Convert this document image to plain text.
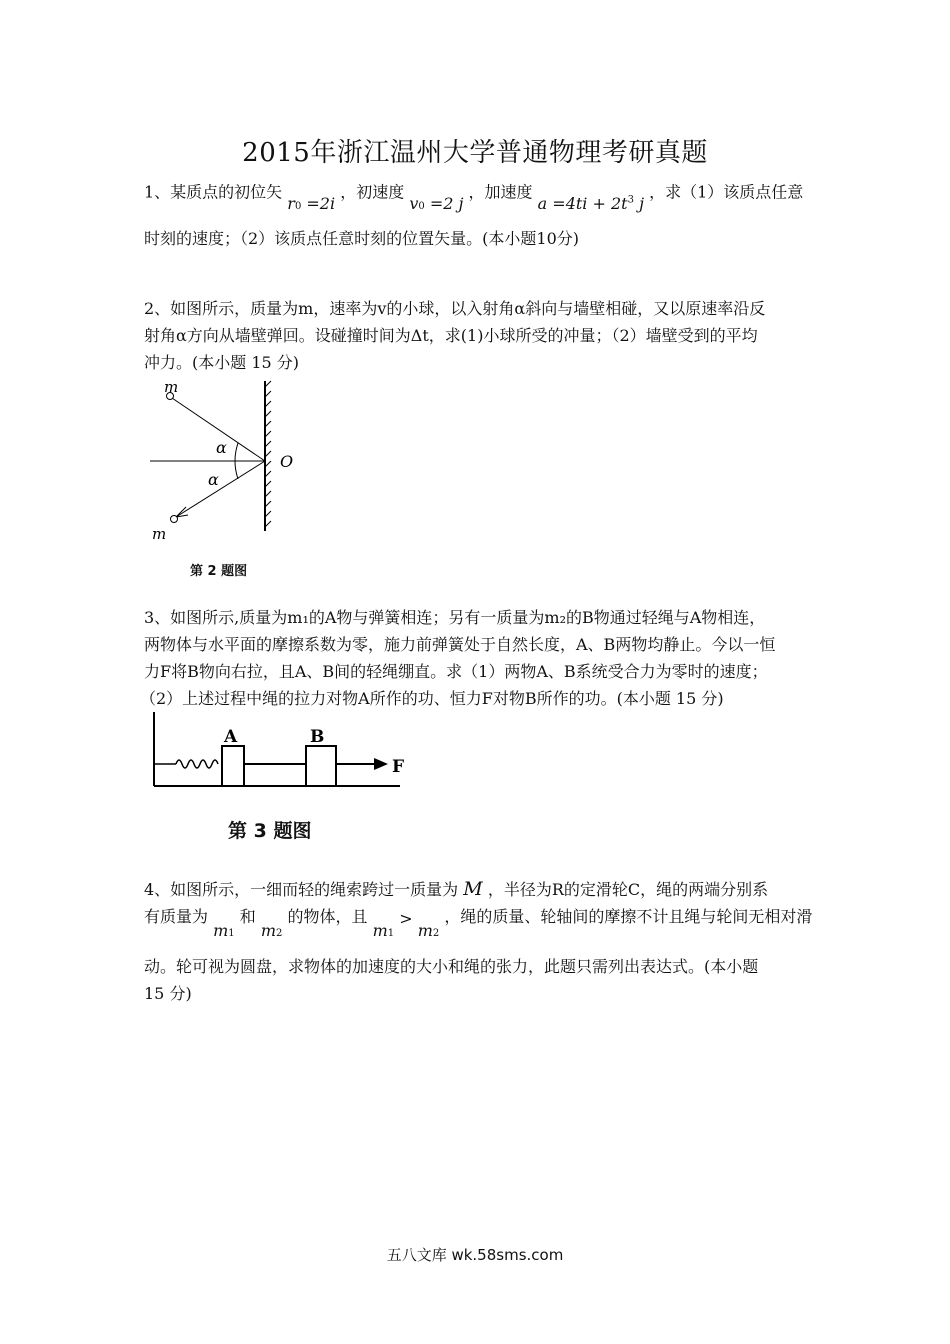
2015年浙江温州大学普通物理考研真题
1、某质点的初位矢 r0 =2i ，初速度 v0 =2 j ，加速度 $a =4ti + 2t^3$ j ，求（1）该质点任意
时刻的速度；（2）该质点任意时刻的位置矢量。(本小题10分)
2、如图所示，质量为m，速率为v的小球，以入射角α斜向与墙壁相碰，又以原速率沿反
射角α方向从墙壁弹回。设碰撞时间为Δt，求(1)小球所受的冲量；（2）墙壁受到的平均
冲力。(本小题 15 分)
m
m
α
α
O
第 2 题图
3、如图所示,质量为m₁的A物与弹簧相连；另有一质量为m₂的B物通过轻绳与A物相连，
两物体与水平面的摩擦系数为零，施力前弹簧处于自然长度，A、B两物均静止。今以一恒
力F将B物向右拉，且A、B间的轻绳绷直。求（1）两物A、B系统受合力为零时的速度；
（2）上述过程中绳的拉力对物A所作的功、恒力F对物B所作的功。(本小题 15 分)
A	B
F
第 3 题图
4、如图所示，一细而轻的绳索跨过一质量为 M ，半径为R的定滑轮C，绳的两端分别系
有质量为 m1 和 m2 的物体，且 m1 > m2 ，绳的质量、轮轴间的摩擦不计且绳与轮间无相对滑
动。轮可视为圆盘，求物体的加速度的大小和绳的张力，此题只需列出表达式。(本小题
15 分)
五八文库 wk.58sms.com
